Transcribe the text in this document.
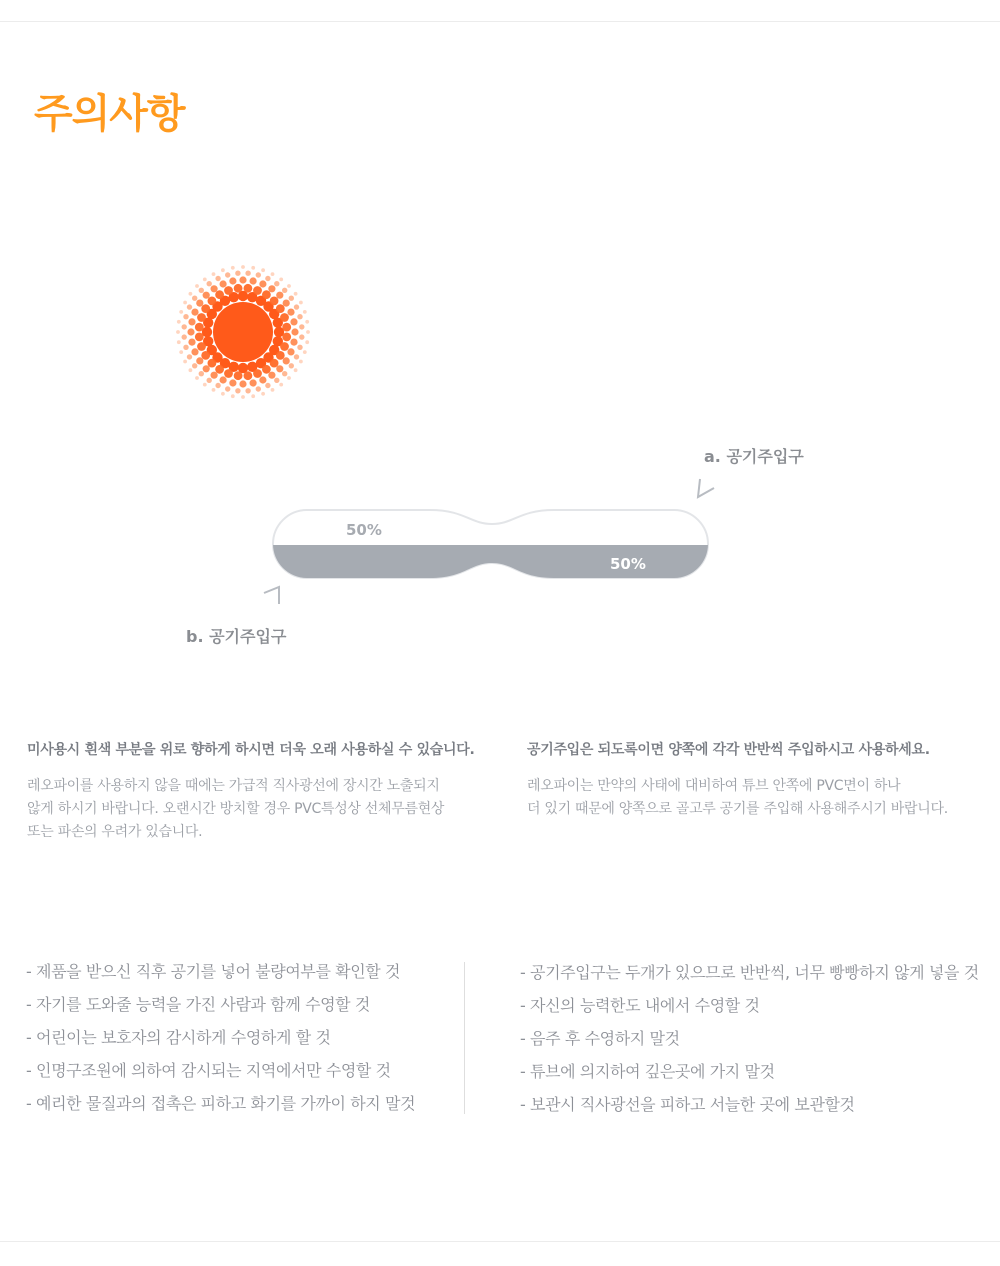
주의사항
50%
50%
a. 공기주입구
b. 공기주입구
미사용시 흰색 부분을 위로 향하게 하시면 더욱 오래 사용하실 수 있습니다.

레오파이를 사용하지 않을 때에는 가급적 직사광선에 장시간 노출되지
않게 하시기 바랍니다. 오랜시간 방치할 경우 PVC특성상 선체무름현상
또는 파손의 우려가 있습니다.

공기주입은 되도록이면 양쪽에 각각 반반씩 주입하시고 사용하세요.

레오파이는 만약의 사태에 대비하여 튜브 안쪽에 PVC면이 하나
더 있기 때문에 양쪽으로 골고루 공기를 주입해 사용해주시기 바랍니다.

- 제품을 받으신 직후 공기를 넣어 불량여부를 확인할 것
- 자기를 도와줄 능력을 가진 사람과 함께 수영할 것
- 어린이는 보호자의 감시하게 수영하게 할 것
- 인명구조원에 의하여 감시되는 지역에서만 수영할 것
- 예리한 물질과의 접촉은 피하고 화기를 가까이 하지 말것
- 공기주입구는 두개가 있으므로 반반씩, 너무 빵빵하지 않게 넣을 것
- 자신의 능력한도 내에서 수영할 것
- 음주 후 수영하지 말것
- 튜브에 의지하여 깊은곳에 가지 말것
- 보관시 직사광선을 피하고 서늘한 곳에 보관할것
